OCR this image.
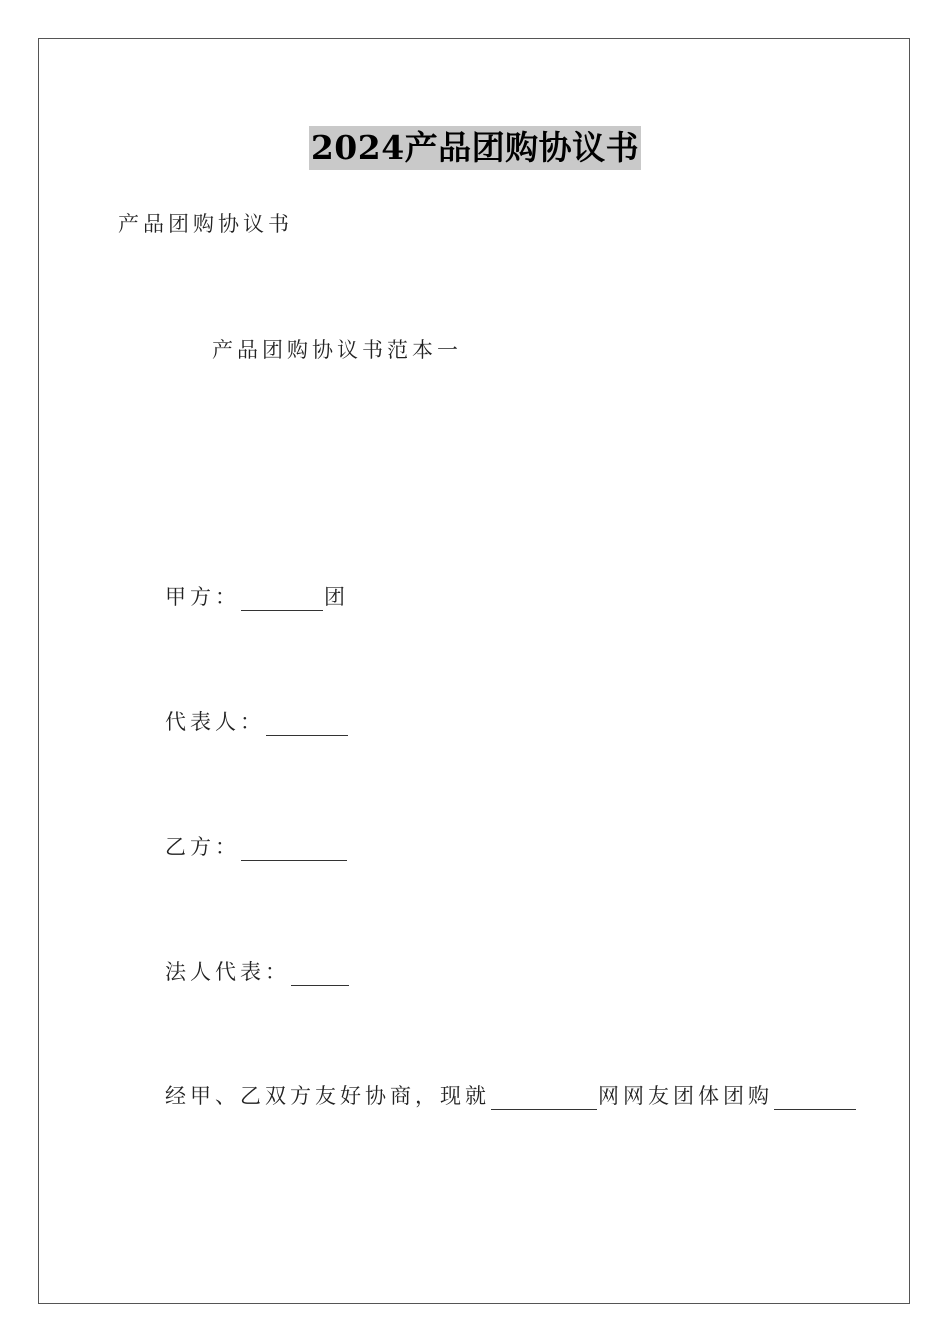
2024产品团购协议书
产品团购协议书
产品团购协议书范本一
甲方：	团
代表人：
乙方：
法人代表：
经甲、乙双方友好协商，现就	网网友团体团购
